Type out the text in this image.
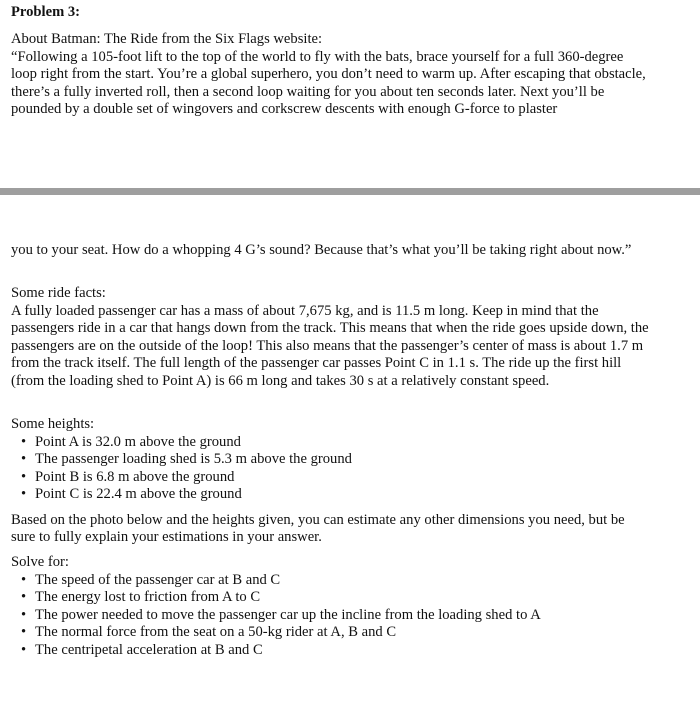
Problem 3:

About Batman: The Ride from the Six Flags website:

“Following a 105-foot lift to the top of the world to fly with the bats, brace yourself for a full 360-degree loop right from the start. You’re a global superhero, you don’t need to warm up. After escaping that obstacle, there’s a fully inverted roll, then a second loop waiting for you about ten seconds later. Next you’ll be pounded by a double set of wingovers and corkscrew descents with enough G-force to plaster

you to your seat. How do a whopping 4 G’s sound? Because that’s what you’ll be taking right about now.”

Some ride facts:

A fully loaded passenger car has a mass of about 7,675 kg, and is 11.5 m long. Keep in mind that the passengers ride in a car that hangs down from the track. This means that when the ride goes upside down, the passengers are on the outside of the loop! This also means that the passenger’s center of mass is about 1.7 m from the track itself. The full length of the passenger car passes Point C in 1.1 s. The ride up the first hill (from the loading shed to Point A) is 66 m long and takes 30 s at a relatively constant speed.

Some heights:

• Point A is 32.0 m above the ground
• The passenger loading shed is 5.3 m above the ground
• Point B is 6.8 m above the ground
• Point C is 22.4 m above the ground

Based on the photo below and the heights given, you can estimate any other dimensions you need, but be sure to fully explain your estimations in your answer.

Solve for:

• The speed of the passenger car at B and C
• The energy lost to friction from A to C
• The power needed to move the passenger car up the incline from the loading shed to A
• The normal force from the seat on a 50-kg rider at A, B and C
• The centripetal acceleration at B and C
